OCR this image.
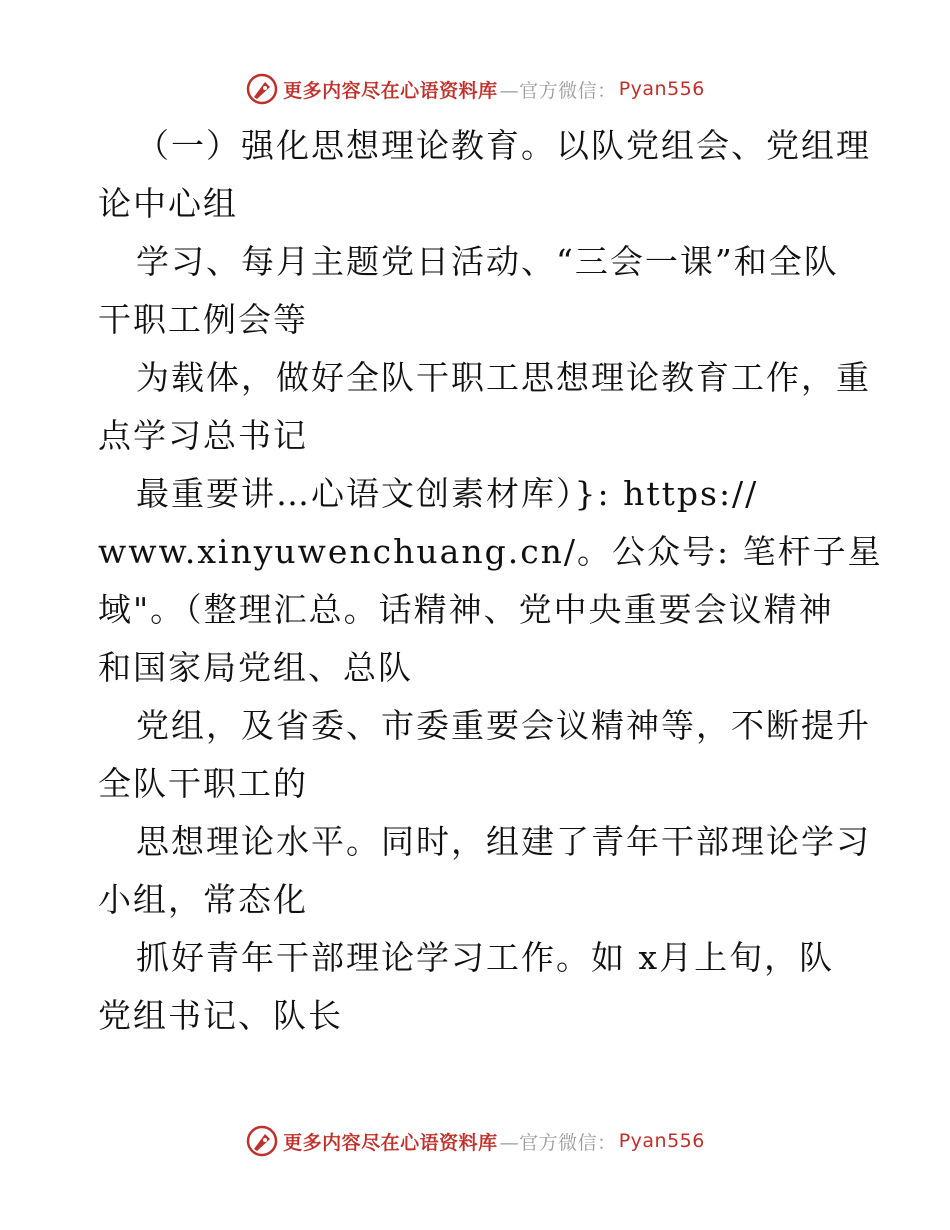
更多内容尽在心语资料库 —官方微信： Pyan556
（一）强化思想理论教育。以队党组会、党组理
论中心组
学习、每月主题党日活动、“三会一课”和全队
干职工例会等
为载体，做好全队干职工思想理论教育工作，重
点学习总书记
最重要讲…心语文创素材库）}: https://
www.xinyuwenchuang.cn/。公众号: 笔杆子星
域"。（整理汇总。话精神、党中央重要会议精神
和国家局党组、总队
党组，及省委、市委重要会议精神等，不断提升
全队干职工的
思想理论水平。同时，组建了青年干部理论学习
小组，常态化
抓好青年干部理论学习工作。如 x月上旬，队
党组书记、队长
更多内容尽在心语资料库 —官方微信： Pyan556
